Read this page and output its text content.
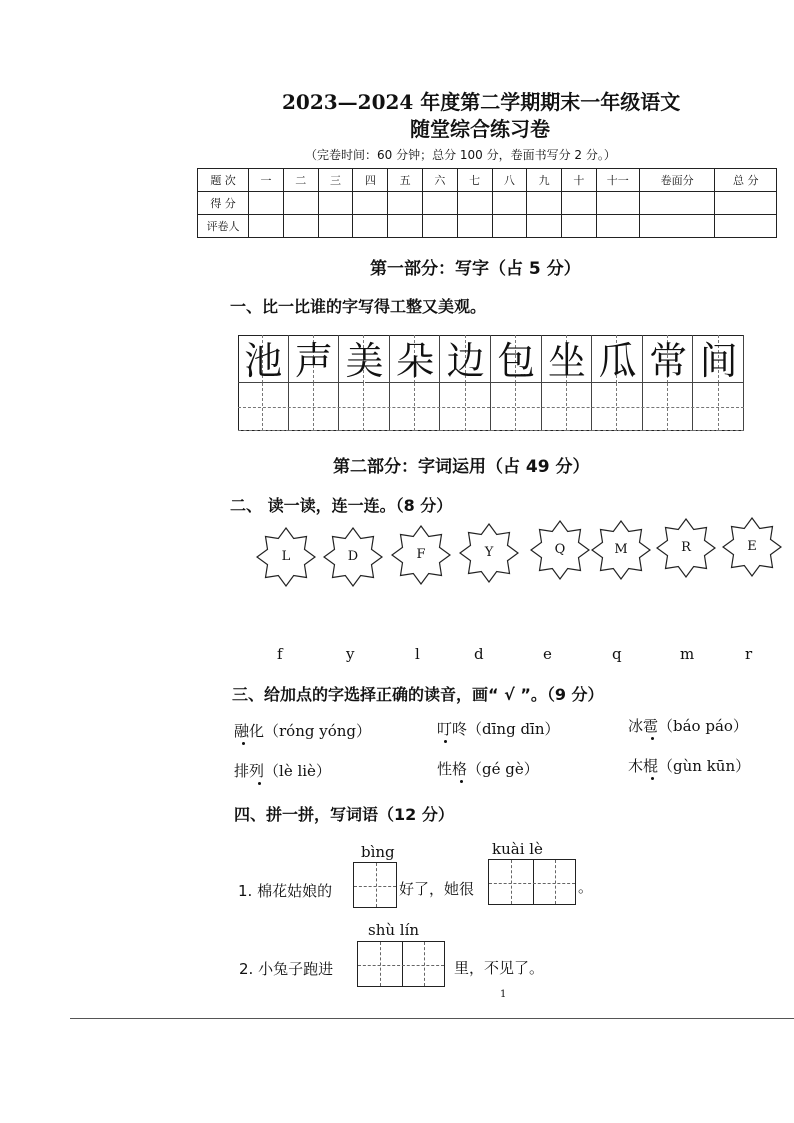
2023—2024 年度第二学期期末一年级语文
随堂综合练习卷
（完卷时间：60 分钟；总分 100 分，卷面书写分 2 分。）
题 次	一	二	三	四	五	六	七	八	九	十	十一	卷面分	总 分
得 分													
评卷人													
第一部分：写字（占 5 分）
一、比一比谁的字写得工整又美观。
池 声 美 朵 边 包 坐 瓜 常 间
第二部分：字词运用（占 49 分）
二、 读一读，连一连。（8 分）
L	D	F	Y	Q	M	R	E
f	y	l	d	e	q	m	r
三、给加点的字选择正确的读音，画“ √ ”。（9 分）
融化（róng yóng）	叮咚（dīng dīn）	冰雹（báo páo）
排列（lè liè）	性格（gé gè）	木棍（gùn kūn）
四、拼一拼，写词语（12 分）
bìng	kuài lè
1. 棉花姑娘的	好了，她很	。
shù lín
2. 小兔子跑进	里，不见了。
1
